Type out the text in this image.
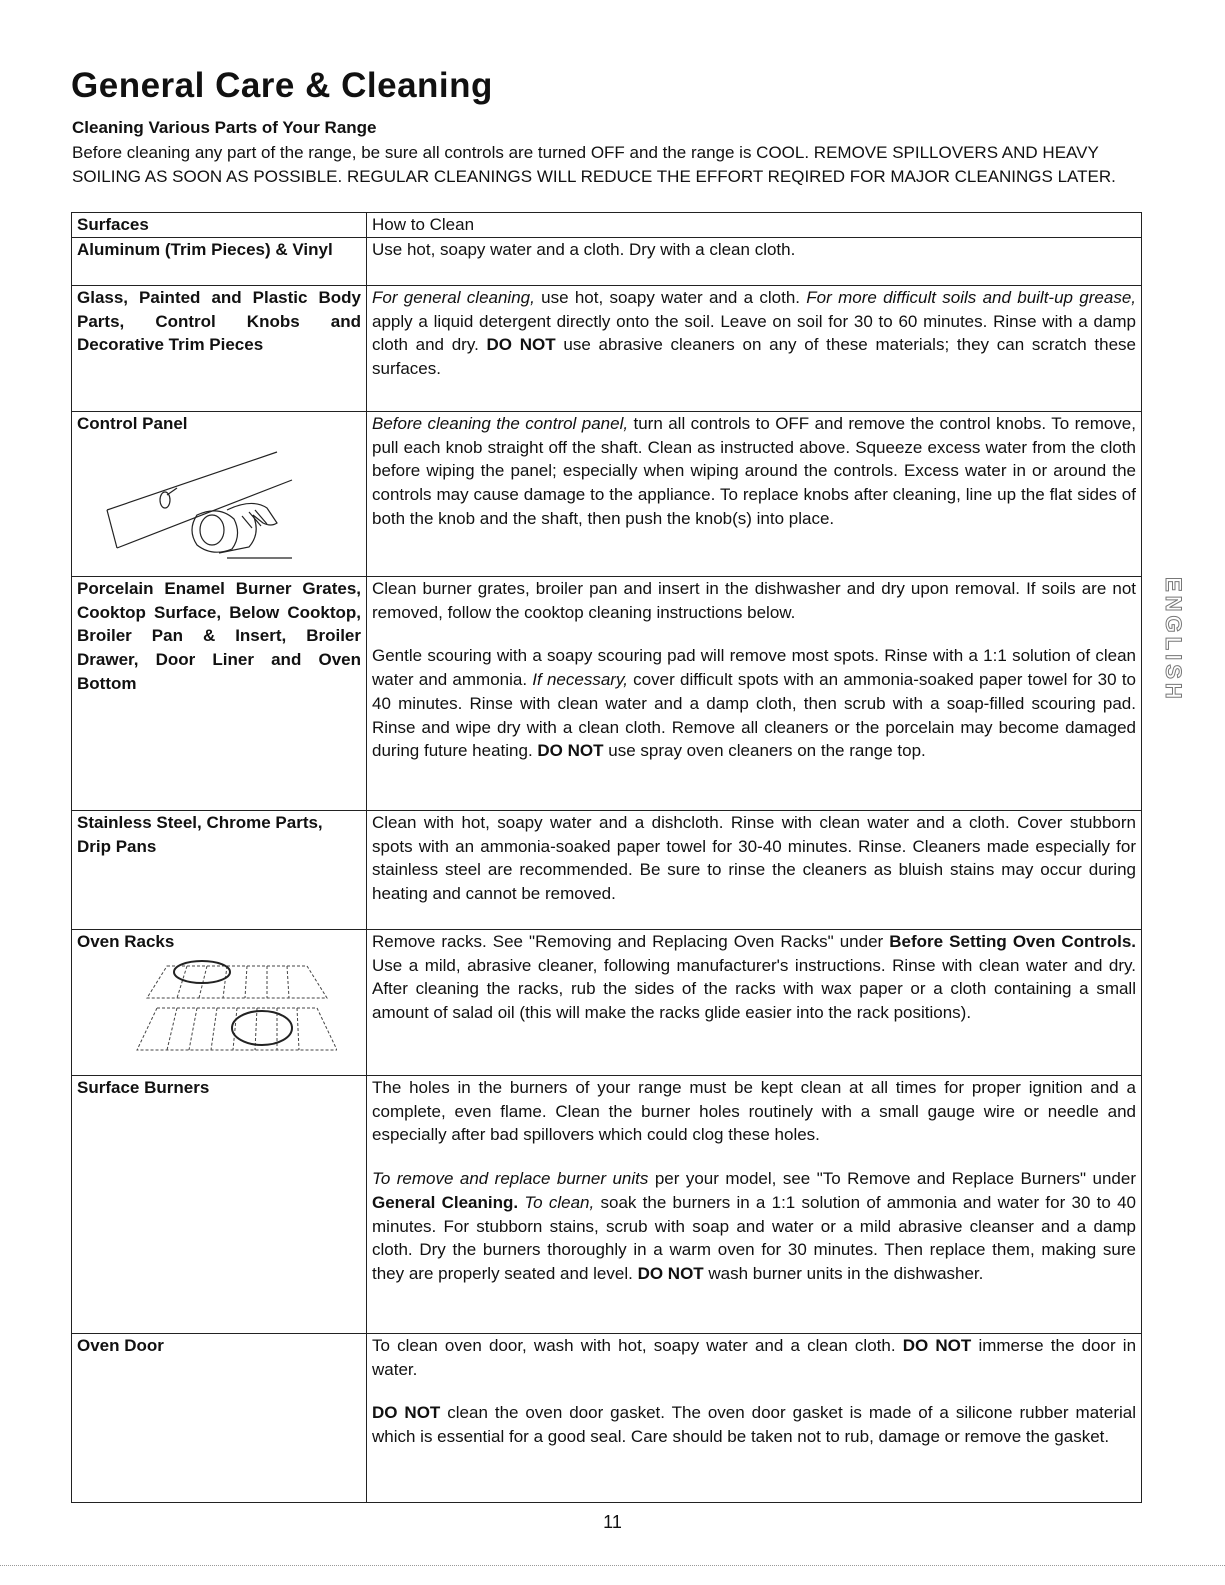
General Care & Cleaning
Cleaning Various Parts of Your Range
Before cleaning any part of the range, be sure all controls are turned OFF and the range is COOL. REMOVE SPILLOVERS AND HEAVY SOILING AS SOON AS POSSIBLE. REGULAR CLEANINGS WILL REDUCE THE EFFORT REQIRED FOR MAJOR CLEANINGS LATER.
Surfaces	How to Clean
Aluminum (Trim Pieces) & Vinyl	Use hot, soapy water and a cloth. Dry with a clean cloth.
Glass, Painted and Plastic Body Parts, Control Knobs and Decorative Trim Pieces	For general cleaning, use hot, soapy water and a cloth. For more difficult soils and built-up grease, apply a liquid detergent directly onto the soil. Leave on soil for 30 to 60 minutes. Rinse with a damp cloth and dry. DO NOT use abrasive cleaners on any of these materials; they can scratch these surfaces.

Control Panel	Before cleaning the control panel, turn all controls to OFF and remove the control knobs. To remove, pull each knob straight off the shaft. Clean as instructed above. Squeeze excess water from the cloth before wiping the panel; especially when wiping around the controls. Excess water in or around the controls may cause damage to the appliance. To replace knobs after cleaning, line up the flat sides of both the knob and the shaft, then push the knob(s) into place.
Porcelain Enamel Burner Grates, Cooktop Surface, Below Cooktop, Broiler Pan & Insert, Broiler Drawer, Door Liner and Oven Bottom	Clean burner grates, broiler pan and insert in the dishwasher and dry upon removal. If soils are not removed, follow the cooktop cleaning instructions below.

Gentle scouring with a soapy scouring pad will remove most spots. Rinse with a 1:1 solution of clean water and ammonia. If necessary, cover difficult spots with an ammonia-soaked paper towel for 30 to 40 minutes. Rinse with clean water and a damp cloth, then scrub with a soap-filled scouring pad. Rinse and wipe dry with a clean cloth. Remove all cleaners or the porcelain may become damaged during future heating. DO NOT use spray oven cleaners on the range top.

Stainless Steel, Chrome Parts, Drip Pans	Clean with hot, soapy water and a dishcloth. Rinse with clean water and a cloth. Cover stubborn spots with an ammonia-soaked paper towel for 30-40 minutes. Rinse. Cleaners made especially for stainless steel are recommended. Be sure to rinse the cleaners as bluish stains may occur during heating and cannot be removed.

Oven Racks	Remove racks. See "Removing and Replacing Oven Racks" under Before Setting Oven Controls. Use a mild, abrasive cleaner, following manufacturer's instructions. Rinse with clean water and dry. After cleaning the racks, rub the sides of the racks with wax paper or a cloth containing a small amount of salad oil (this will make the racks glide easier into the rack positions).
Surface Burners	The holes in the burners of your range must be kept clean at all times for proper ignition and a complete, even flame. Clean the burner holes routinely with a small gauge wire or needle and especially after bad spillovers which could clog these holes.

To remove and replace burner units per your model, see "To Remove and Replace Burners" under General Cleaning. To clean, soak the burners in a 1:1 solution of ammonia and water for 30 to 40 minutes. For stubborn stains, scrub with soap and water or a mild abrasive cleanser and a damp cloth. Dry the burners thoroughly in a warm oven for 30 minutes. Then replace them, making sure they are properly seated and level. DO NOT wash burner units in the dishwasher.

Oven Door	To clean oven door, wash with hot, soapy water and a clean cloth. DO NOT immerse the door in water.

DO NOT clean the oven door gasket. The oven door gasket is made of a silicone rubber material which is essential for a good seal. Care should be taken not to rub, damage or remove the gasket.

ENGLISH
11
